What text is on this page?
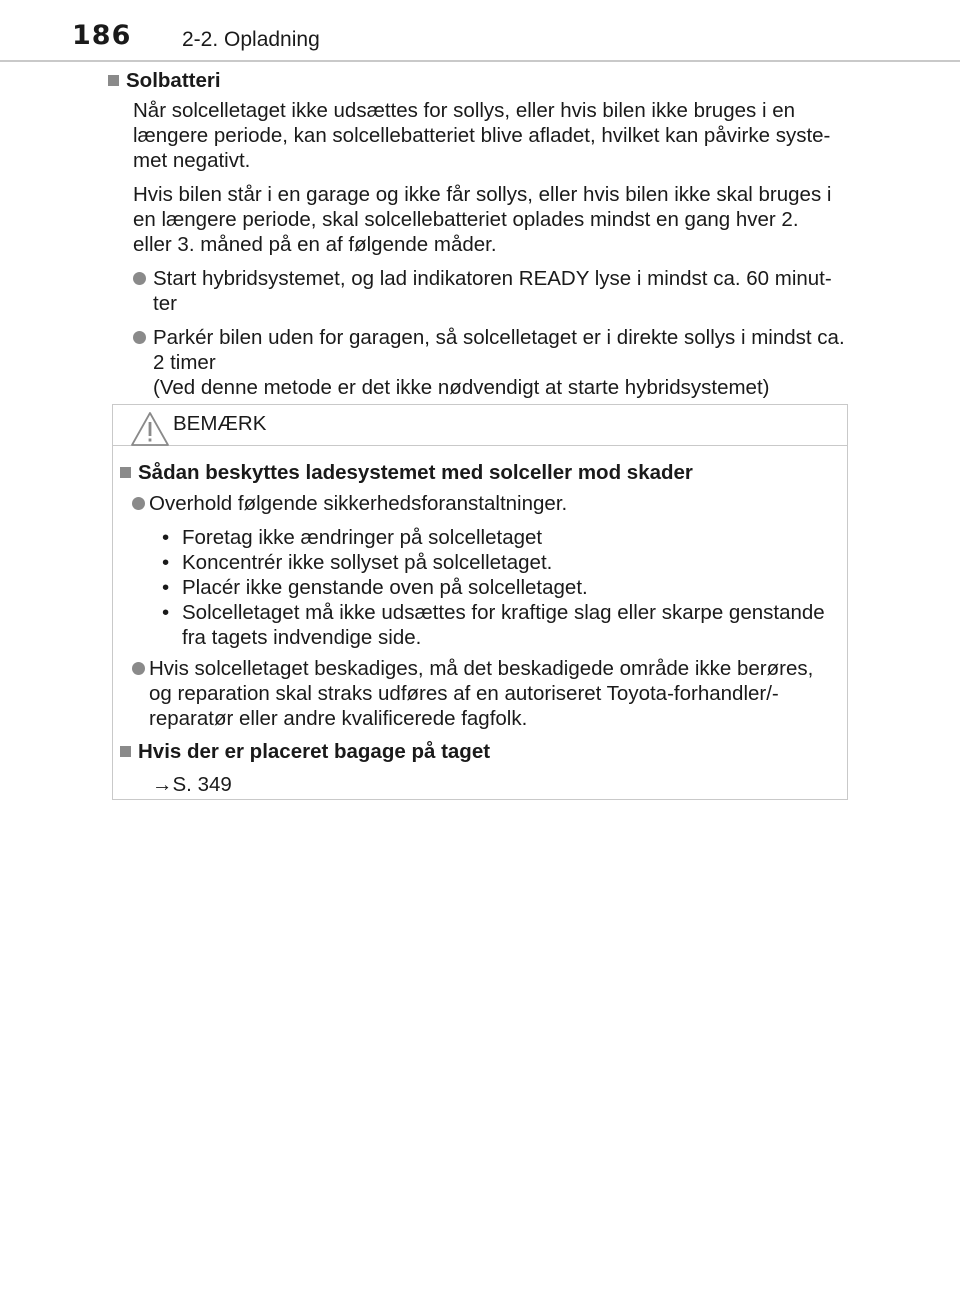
186 2-2. Opladning
Solbatteri
Når solcelletaget ikke udsættes for sollys, eller hvis bilen ikke bruges i en
længere periode, kan solcellebatteriet blive afladet, hvilket kan påvirke syste-
met negativt.
Hvis bilen står i en garage og ikke får sollys, eller hvis bilen ikke skal bruges i
en længere periode, skal solcellebatteriet oplades mindst en gang hver 2.
eller 3. måned på en af følgende måder.
Start hybridsystemet, og lad indikatoren READY lyse i mindst ca. 60 minut-
ter
Parkér bilen uden for garagen, så solcelletaget er i direkte sollys i mindst ca.
2 timer
(Ved denne metode er det ikke nødvendigt at starte hybridsystemet)
BEMÆRK
Sådan beskyttes ladesystemet med solceller mod skader
Overhold følgende sikkerhedsforanstaltninger.
• Foretag ikke ændringer på solcelletaget
• Koncentrér ikke sollyset på solcelletaget.
• Placér ikke genstande oven på solcelletaget.
• Solcelletaget må ikke udsættes for kraftige slag eller skarpe genstande
fra tagets indvendige side.
Hvis solcelletaget beskadiges, må det beskadigede område ikke berøres,
og reparation skal straks udføres af en autoriseret Toyota-forhandler/-
reparatør eller andre kvalificerede fagfolk.
Hvis der er placeret bagage på taget
→S. 349
